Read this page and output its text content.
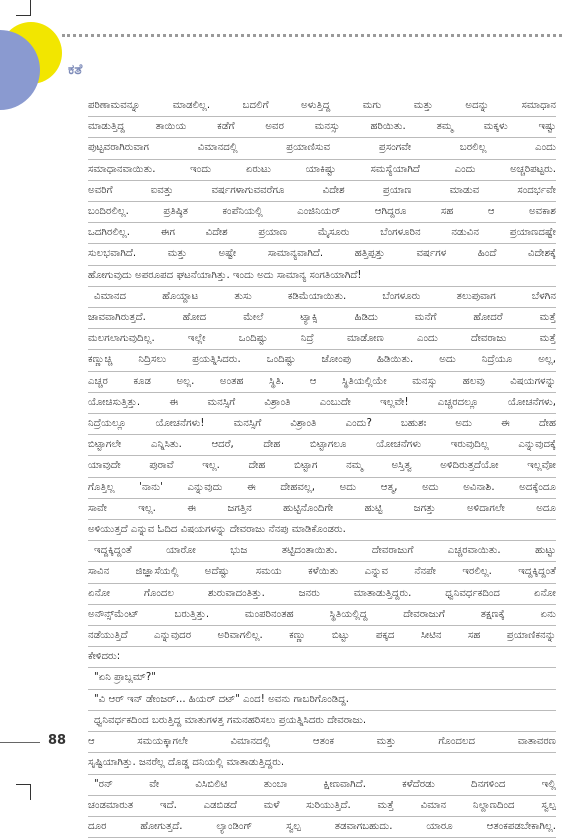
ಕತೆ

ಪರಿಣಾಮವನ್ನೂ ಮಾಡಲಿಲ್ಲ. ಬದಲಿಗೆ ಅಳುತ್ತಿದ್ದ ಮಗು ಮತ್ತು ಅದನ್ನು ಸಮಾಧಾನ

ಮಾಡುತ್ತಿದ್ದ ತಾಯಿಯ ಕಡೆಗೆ ಅವರ ಮನಸ್ಸು ಹರಿಯಿತು. ತಮ್ಮ ಮಕ್ಕಳು ಇಷ್ಟು

ಪುಟ್ಟವರಾಗಿರುವಾಗ ವಿಮಾನದಲ್ಲಿ ಪ್ರಯಾಣಿಸುವ ಪ್ರಸಂಗವೇ ಬರಲಿಲ್ಲ ಎಂದು

ಸಮಾಧಾನವಾಯಿತು. ಇಂದು ಏರುಟು ಯಾಕಿಷ್ಟು ಸಮಸ್ಯೆಯಾಗಿದೆ ಎಂದು ಅಚ್ಚರಿಪಟ್ಟರು.

ಅವರಿಗೆ ಐವತ್ತು ವರ್ಷಗಳಾಗುವವರೆಗೂ ವಿದೇಶ ಪ್ರಯಾಣ ಮಾಡುವ ಸಂದರ್ಭವೇ

ಬಂದಿರಲಿಲ್ಲ. ಪ್ರತಿಷ್ಠಿತ ಕಂಪೆನಿಯಲ್ಲಿ ಎಂಜಿನಿಯರ್ ಆಗಿದ್ದರೂ ಸಹ ಆ ಅವಕಾಶ

ಒದಗಿರಲಿಲ್ಲ. ಈಗ ವಿದೇಶ ಪ್ರಯಾಣ ಮೈಸೂರು ಬೆಂಗಳೂರಿನ ನಡುವಿನ ಪ್ರಯಾಣದಷ್ಟೇ

ಸುಲಭವಾಗಿದೆ. ಮತ್ತು ಅಷ್ಟೇ ಸಾಮಾನ್ಯವಾಗಿದೆ. ಹತ್ತಿಪ್ಪತ್ತು ವರ್ಷಗಳ ಹಿಂದೆ ವಿದೇಶಕ್ಕೆ

ಹೋಗುವುದು ಅಪರೂಪದ ಘಟನೆಯಾಗಿತ್ತು. ಇಂದು ಅದು ಸಾಮಾನ್ಯ ಸಂಗತಿಯಾಗಿದೆ!

ವಿಮಾನದ ಹೊಯ್ದಾಟ ತುಸು ಕಡಿಮೆಯಾಯಿತು. ಬೆಂಗಳೂರು ತಲುಪುವಾಗ ಬೆಳಗಿನ

ಜಾವವಾಗಿರುತ್ತದೆ. ಹೋದ ಮೇಲೆ ಟ್ಯಾಕ್ಸಿ ಹಿಡಿದು ಮನೆಗೆ ಹೋದರೆ ಮತ್ತೆ

ಮಲಗಲಾಗುವುದಿಲ್ಲ. ಇಲ್ಲೇ ಒಂದಿಷ್ಟು ನಿದ್ರೆ ಮಾಡೋಣ ಎಂದು ದೇವರಾಜು ಮತ್ತೆ

ಕಣ್ಣುಚ್ಚಿ ನಿದ್ರಿಸಲು ಪ್ರಯತ್ನಿಸಿದರು. ಒಂದಿಷ್ಟು ಜೋಂಪು ಹಿಡಿಯಿತು. ಅದು ನಿದ್ರೆಯೂ ಅಲ್ಲ,

ಎಚ್ಚರ ಕೂಡ ಅಲ್ಲ. ಅಂತಹ ಸ್ಥಿತಿ. ಆ ಸ್ಥಿತಿಯಲ್ಲಿಯೇ ಮನಸ್ಸು ಹಲವು ವಿಷಯಗಳನ್ನು

ಯೋಚಿಸುತ್ತಿತ್ತು. ಈ ಮನಸ್ಸಿಗೆ ವಿಶ್ರಾಂತಿ ಎಂಬುದೇ ಇಲ್ಲವೇ! ಎಚ್ಚರದಲ್ಲೂ ಯೋಚನೆಗಳು,

ನಿದ್ರೆಯಲ್ಲೂ ಯೋಚನೆಗಳು! ಮನಸ್ಸಿಗೆ ವಿಶ್ರಾಂತಿ ಎಂದು? ಬಹುಶಃ ಅದು ಈ ದೇಹ

ಬಿಟ್ಟಾಗಲೇ ಎನ್ನಿಸಿತು. ಆದರೆ, ದೇಹ ಬಿಟ್ಟಾಗಲೂ ಯೋಚನೆಗಳು ಇರುವುದಿಲ್ಲ ಎನ್ನುವುದಕ್ಕೆ

ಯಾವುದೇ ಪುರಾವೆ ಇಲ್ಲ. ದೇಹ ಬಿಟ್ಟಾಗ ನಮ್ಮ ಅಸ್ತಿತ್ವ ಅಳಿದಿರುತ್ತದೆಯೋ ಇಲ್ಲವೋ

ಗೊತ್ತಿಲ್ಲ 'ನಾನು' ಎನ್ನುವುದು ಈ ದೇಹವಲ್ಲ, ಅದು ಆತ್ಮ, ಅದು ಅವಿನಾಶಿ. ಅದಕ್ಕೆಂದೂ

ಸಾವೇ ಇಲ್ಲ. ಈ ಜಗತ್ತಿನ ಹುಟ್ಟಿನೊಂದಿಗೇ ಹುಟ್ಟಿ ಜಗತ್ತು ಅಳಿದಾಗಲೇ ಅದೂ

ಅಳಿಯುತ್ತದೆ ಎನ್ನುವ ಓದಿದ ವಿಷಯಗಳನ್ನು ದೇವರಾಜು ನೆನಪು ಮಾಡಿಕೊಂಡರು.

ಇದ್ದಕ್ಕಿದ್ದಂತೆ ಯಾರೋ ಭುಜ ತಟ್ಟಿದಂತಾಯಿತು. ದೇವರಾಜುಗೆ ಎಚ್ಚರವಾಯಿತು. ಹುಟ್ಟು

ಸಾವಿನ ಜಿಜ್ಞಾಸೆಯಲ್ಲಿ ಅದೆಷ್ಟು ಸಮಯ ಕಳೆಯಿತು ಎನ್ನುವ ನೆನಪೇ ಇರಲಿಲ್ಲ. ಇದ್ದಕ್ಕಿದ್ದಂತೆ

ಏನೋ ಗೊಂದಲ ಶುರುವಾದಂತಿತ್ತು. ಜನರು ಮಾತಾಡುತ್ತಿದ್ದರು. ಧ್ವನಿವರ್ಧಕದಿಂದ ಏನೋ

ಅನೌನ್ಸ್‌ಮೆಂಟ್ ಬರುತ್ತಿತ್ತು. ಮಂಪರಿನಂತಹ ಸ್ಥಿತಿಯಲ್ಲಿದ್ದ ದೇವರಾಜುಗೆ ತಕ್ಷಣಕ್ಕೆ ಏನು

ನಡೆಯುತ್ತಿದೆ ಎನ್ನುವುದರ ಅರಿವಾಗಲಿಲ್ಲ. ಕಣ್ಣು ಬಿಟ್ಟು ಪಕ್ಕದ ಸೀಟಿನ ಸಹ ಪ್ರಯಾಣಿಕನನ್ನು

ಕೇಳಿದರು:

"ಏನಿ ಪ್ರಾಬ್ಲಮ್?"

"ವಿ ಆರ್ ಇನ್ ಡೇಂಜರ್... ಹಿಯರ್ ದಟ್" ಎಂದ! ಅವನು ಗಾಬರಿಗೊಂಡಿದ್ದ.

ಧ್ವನಿವರ್ಧಕದಿಂದ ಬರುತ್ತಿದ್ದ ಮಾತುಗಳತ್ತ ಗಮನಹರಿಸಲು ಪ್ರಯತ್ನಿಸಿದರು ದೇವರಾಜು.

ಆ ಸಮಯಕ್ಕಾಗಲೇ ವಿಮಾನದಲ್ಲಿ ಆತಂಕ ಮತ್ತು ಗೊಂದಲದ ವಾತಾವರಣ

ಸೃಷ್ಟಿಯಾಗಿತ್ತು. ಜನರೆಲ್ಲ ದೊಡ್ಡ ದನಿಯಲ್ಲಿ ಮಾತಾಡುತ್ತಿದ್ದರು.

"ರನ್ ವೇ ವಿಸಿಬಿಲಿಟಿ ತುಂಬಾ ಕ್ಷೀಣವಾಗಿದೆ. ಕಳೆದೆರಡು ದಿನಗಳಿಂದ ಇಲ್ಲಿ

ಚಂಡಮಾರುತ ಇದೆ. ಎಡಬಿಡದೆ ಮಳೆ ಸುರಿಯುತ್ತಿದೆ. ಮತ್ತೆ ವಿಮಾನ ನಿಲ್ದಾಣದಿಂದ ಸ್ವಲ್ಪ

ದೂರ ಹೋಗುತ್ತದೆ. ಲ್ಯಾಂಡಿಂಗ್ ಸ್ವಲ್ಪ ತಡವಾಗಬಹುದು. ಯಾರೂ ಆತಂಕಪಡಬೇಕಾಗಿಲ್ಲ.

88
